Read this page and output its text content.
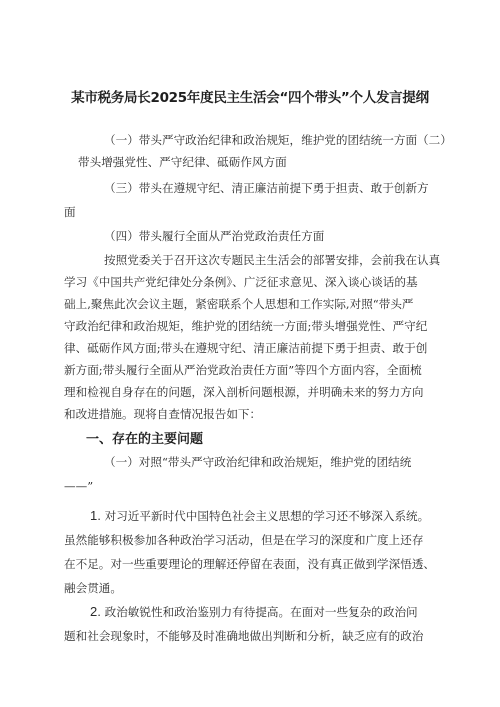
某市税务局长2025年度民主生活会“四个带头”个人发言提纲
（一）带头严守政治纪律和政治规矩，维护党的团结统一方面（二）
带头增强党性、严守纪律、砥砺作风方面
（三）带头在遵规守纪、清正廉洁前提下勇于担责、敢于创新方
面
（四）带头履行全面从严治党政治责任方面
按照党委关于召开这次专题民主生活会的部署安排，会前我在认真
学习《中国共产党纪律处分条例》、广泛征求意见、深入谈心谈话的基
础上,聚焦此次会议主题，紧密联系个人思想和工作实际,对照“带头严
守政治纪律和政治规矩，维护党的团结统一方面;带头增强党性、严守纪
律、砥砺作风方面;带头在遵规守纪、清正廉洁前提下勇于担责、敢于创
新方面;带头履行全面从严治党政治责任方面”等四个方面内容，全面梳
理和检视自身存在的问题，深入剖析问题根源，并明确未来的努力方向
和改进措施。现将自查情况报告如下：
一、存在的主要问题
（一）对照“带头严守政治纪律和政治规矩，维护党的团结统
——”
1. 对习近平新时代中国特色社会主义思想的学习还不够深入系统。
虽然能够积极参加各种政治学习活动，但是在学习的深度和广度上还存
在不足。对一些重要理论的理解还停留在表面，没有真正做到学深悟透、
融会贯通。
2. 政治敏锐性和政治鉴别力有待提高。在面对一些复杂的政治问
题和社会现象时，不能够及时准确地做出判断和分析，缺乏应有的政治
